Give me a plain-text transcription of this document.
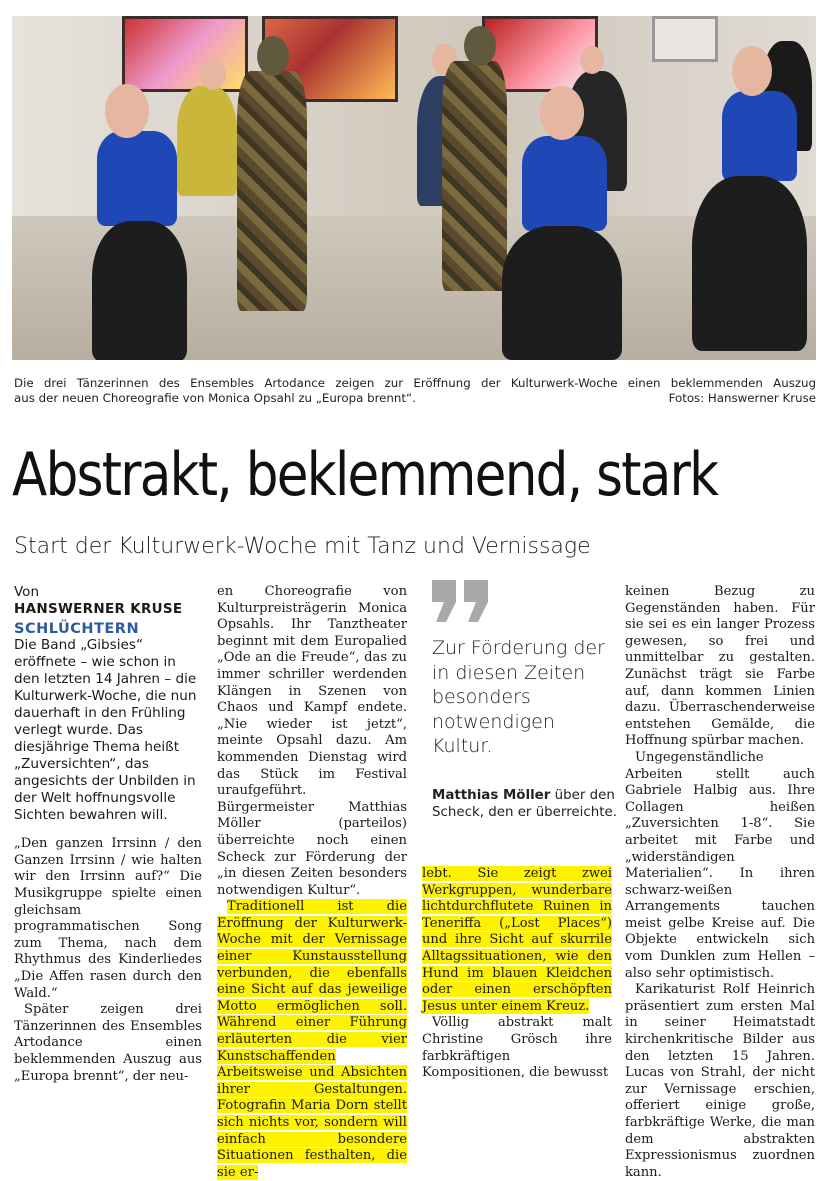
Die drei Tänzerinnen des Ensembles Artodance zeigen zur Eröffnung der Kulturwerk-Woche einen beklemmenden Auszug
aus der neuen Choreografie von Monica Opsahl zu „Europa brennt“.	Fotos: Hanswerner Kruse
Abstrakt, beklemmend, stark
Start der Kulturwerk-Woche mit Tanz und Vernissage
Von
HANSWERNER KRUSE
SCHLÜCHTERN

Die Band „Gibsies“ eröffnete – wie schon in den letzten 14 Jahren – die Kulturwerk-Woche, die nun dauerhaft in den Frühling verlegt wurde. Das diesjährige Thema heißt „Zuversichten“, das angesichts der Unbilden in der Welt hoffnungsvolle Sichten bewahren will.

„Den ganzen Irrsinn / den Ganzen Irrsinn / wie halten wir den Irrsinn auf?“ Die Musikgruppe spielte einen gleichsam programmatischen Song zum Thema, nach dem Rhythmus des Kinderliedes „Die Affen rasen durch den Wald.“

Später zeigen drei Tänzerinnen des Ensembles Artodance einen beklemmenden Auszug aus „Europa brennt“, der neu-

en Choreografie von Kulturpreisträgerin Monica Opsahls. Ihr Tanztheater beginnt mit dem Europalied „Ode an die Freude“, das zu immer schriller werdenden Klängen in Szenen von Chaos und Kampf endete. „Nie wieder ist jetzt“, meinte Opsahl dazu. Am kommenden Dienstag wird das Stück im Festival uraufgeführt. Bürgermeister Matthias Möller (parteilos) überreichte noch einen Scheck zur Förderung der „in diesen Zeiten besonders notwendigen Kultur“.

Traditionell ist die Eröffnung der Kulturwerk-Woche mit der Vernissage einer Kunstausstellung verbunden, die ebenfalls eine Sicht auf das jeweilige Motto ermöglichen soll. Während einer Führung erläuterten die vier Kunstschaffenden Arbeitsweise und Absichten ihrer Gestaltungen. Fotografin Maria Dorn stellt sich nichts vor, sondern will einfach besondere Situationen festhalten, die sie er-

Zur Förderung der in diesen Zeiten besonders notwendigen Kultur.
Matthias Möller über den Scheck, den er überreichte.

lebt. Sie zeigt zwei Werkgruppen, wunderbare lichtdurchflutete Ruinen in Teneriffa („Lost Places“) und ihre Sicht auf skurrile Alltagssituationen, wie den Hund im blauen Kleidchen oder einen erschöpften Jesus unter einem Kreuz.

Völlig abstrakt malt Christine Grösch ihre farbkräftigen Kompositionen, die bewusst

keinen Bezug zu Gegenständen haben. Für sie sei es ein langer Prozess gewesen, so frei und unmittelbar zu gestalten. Zunächst trägt sie Farbe auf, dann kommen Linien dazu. Überraschenderweise entstehen Gemälde, die Hoffnung spürbar machen.

Ungegenständliche Arbeiten stellt auch Gabriele Halbig aus. Ihre Collagen heißen „Zuversichten 1-8“. Sie arbeitet mit Farbe und „widerständigen Materialien“. In ihren schwarz-weißen Arrangements tauchen meist gelbe Kreise auf. Die Objekte entwickeln sich vom Dunklen zum Hellen – also sehr optimistisch.

Karikaturist Rolf Heinrich präsentiert zum ersten Mal in seiner Heimatstadt kirchenkritische Bilder aus den letzten 15 Jahren. Lucas von Strahl, der nicht zur Vernissage erschien, offeriert einige große, farbkräftige Werke, die man dem abstrakten Expressionismus zuordnen kann.
